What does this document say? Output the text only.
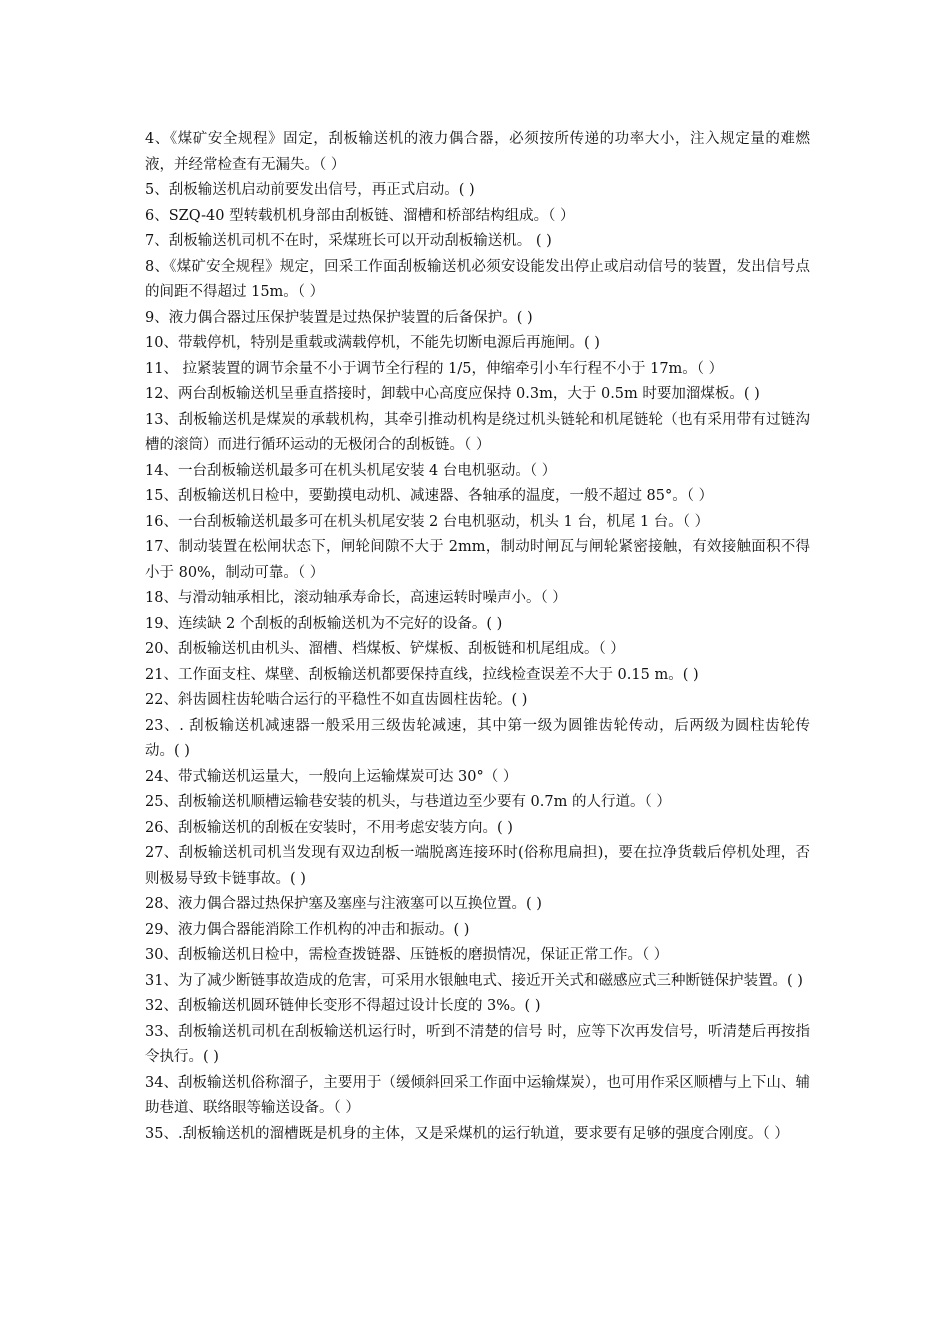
4、《煤矿安全规程》固定，刮板输送机的液力偶合器，必须按所传递的功率大小，注入规定量的难燃液，并经常检查有无漏失。（ ）

5、刮板输送机启动前要发出信号，再正式启动。( )

6、SZQ-40 型转载机机身部由刮板链、溜槽和桥部结构组成。（ ）

7、刮板输送机司机不在时，采煤班长可以开动刮板输送机。 ( )

8、《煤矿安全规程》规定，回采工作面刮板输送机必须安设能发出停止或启动信号的装置，发出信号点的间距不得超过 15m。（ ）

9、液力偶合器过压保护装置是过热保护装置的后备保护。( )

10、带载停机，特别是重载或满载停机，不能先切断电源后再施闸。( )

11、 拉紧装置的调节余量不小于调节全行程的 1/5，伸缩牵引小车行程不小于 17m。（ ）

12、两台刮板输送机呈垂直搭接时，卸载中心高度应保持 0.3m，大于 0.5m 时要加溜煤板。( )

13、刮板输送机是煤炭的承载机构，其牵引推动机构是绕过机头链轮和机尾链轮（也有采用带有过链沟槽的滚筒）而进行循环运动的无极闭合的刮板链。（ ）

14、一台刮板输送机最多可在机头机尾安装 4 台电机驱动。（ ）

15、刮板输送机日检中，要勤摸电动机、减速器、各轴承的温度，一般不超过 85°。（ ）

16、一台刮板输送机最多可在机头机尾安装 2 台电机驱动，机头 1 台，机尾 1 台。（ ）

17、制动装置在松闸状态下，闸轮间隙不大于 2mm，制动时闸瓦与闸轮紧密接触，有效接触面积不得小于 80%，制动可靠。（ ）

18、与滑动轴承相比，滚动轴承寿命长，高速运转时噪声小。（ ）

19、连续缺 2 个刮板的刮板输送机为不完好的设备。( )

20、刮板输送机由机头、溜槽、档煤板、铲煤板、刮板链和机尾组成。（ ）

21、工作面支柱、煤壁、刮板输送机都要保持直线，拉线检查误差不大于 0.15 m。( )

22、斜齿圆柱齿轮啮合运行的平稳性不如直齿圆柱齿轮。( )

23、. 刮板输送机减速器一般采用三级齿轮减速，其中第一级为圆锥齿轮传动，后两级为圆柱齿轮传动。( )

24、带式输送机运量大，一般向上运输煤炭可达 30°（ ）

25、刮板输送机顺槽运输巷安装的机头，与巷道边至少要有 0.7m 的人行道。（ ）

26、刮板输送机的刮板在安装时，不用考虑安装方向。( )

27、刮板输送机司机当发现有双边刮板一端脱离连接环时(俗称甩扁担)，要在拉净货载后停机处理，否则极易导致卡链事故。( )

28、液力偶合器过热保护塞及塞座与注液塞可以互换位置。( )

29、液力偶合器能消除工作机构的冲击和振动。( )

30、刮板输送机日检中，需检查拨链器、压链板的磨损情况，保证正常工作。（ ）

31、为了减少断链事故造成的危害，可采用水银触电式、接近开关式和磁感应式三种断链保护装置。( )

32、刮板输送机圆环链伸长变形不得超过设计长度的 3%。( )

33、刮板输送机司机在刮板输送机运行时，听到不清楚的信号 时，应等下次再发信号，听清楚后再按指令执行。( )

34、刮板输送机俗称溜子，主要用于（缓倾斜回采工作面中运输煤炭），也可用作采区顺槽与上下山、辅助巷道、联络眼等输送设备。（ ）

35、.刮板输送机的溜槽既是机身的主体，又是采煤机的运行轨道，要求要有足够的强度合刚度。（ ）
